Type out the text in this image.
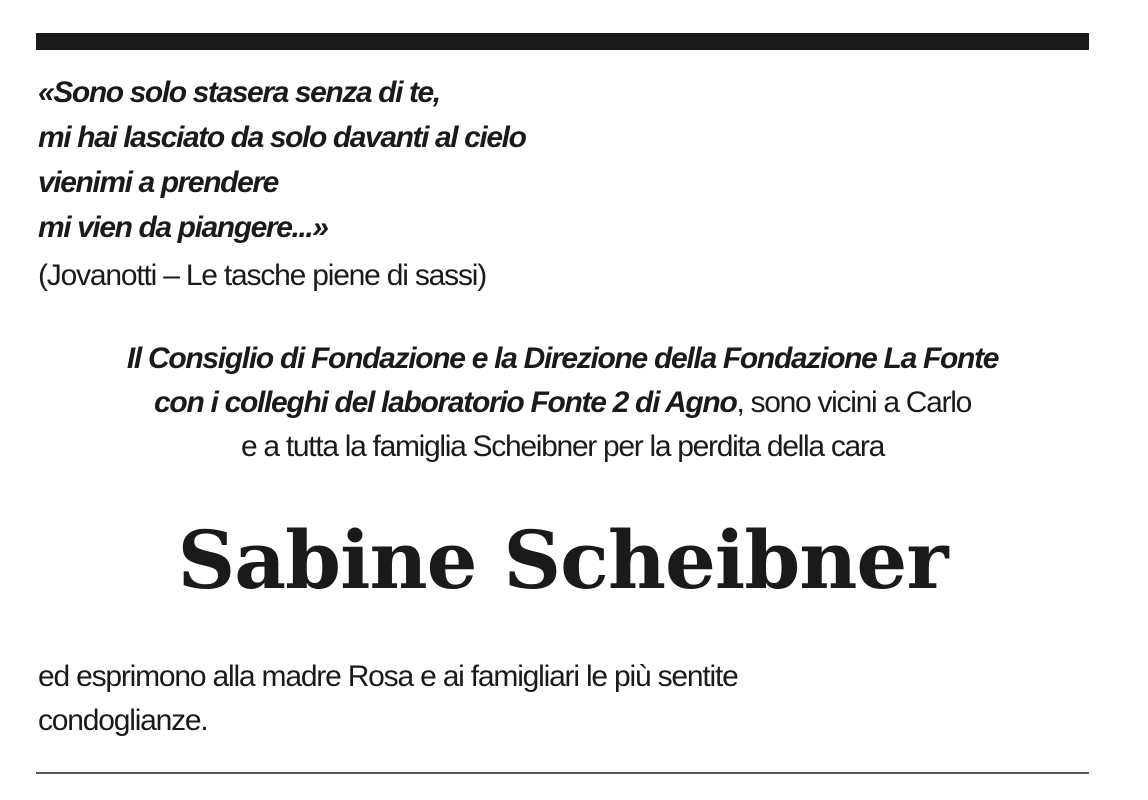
«Sono solo stasera senza di te,
mi hai lasciato da solo davanti al cielo
vienimi a prendere
mi vien da piangere...»
(Jovanotti – Le tasche piene di sassi)
Il Consiglio di Fondazione e la Direzione della Fondazione La Fonte
con i colleghi del laboratorio Fonte 2 di Agno, sono vicini a Carlo
e a tutta la famiglia Scheibner per la perdita della cara
Sabine Scheibner
ed esprimono alla madre Rosa e ai famigliari le più sentite
condoglianze.
